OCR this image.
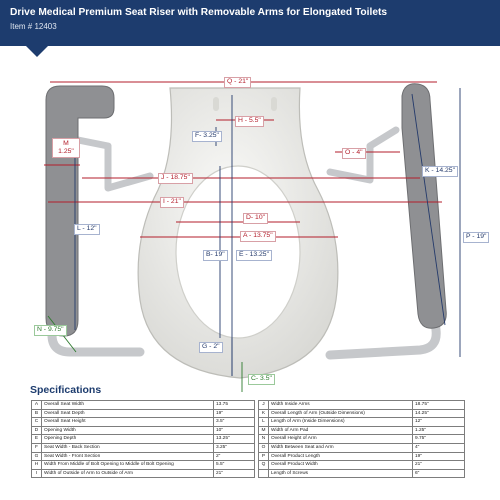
Drive Medical Premium Seat Riser with Removable Arms for Elongated Toilets
Item # 12403
Q - 21"
H - 5.5"
F- 3.25"
M
1.25"	O - 4"
K - 14.25"
J - 18.75"
I - 21"
D- 10"
A - 13.75"
L - 12"
B- 19"	E - 13.25"
P - 19"
N - 9.75"
G - 2"
C- 3.5"
Specifications
A	Overall Seat Width	13.75
B	Overall Seat Depth	19"
C	Overall Seat Height	3.5"
D	Opening Width	10"
E	Opening Depth	13.25"
F	Seat Width - Back Section	3.25"
G	Seat Width - Front Section	2"
H	Width From Middle of Bolt Opening to Middle of Bolt Opening	5.5"
I	Width of Outside of Arm to Outside of Arm	21"
J	Width Inside Arms	18.75"
K	Overall Length of Arm (Outside Dimensions)	14.25"
L	Length of Arm (Inside Dimensions)	12"
M	Width of Arm Pad	1.25"
N	Overall Height of Arm	9.75"
O	Width Between Seat and Arm	4"
P	Overall Product Length	19"
Q	Overall Product Width	21"
	Length of Screws	6"
